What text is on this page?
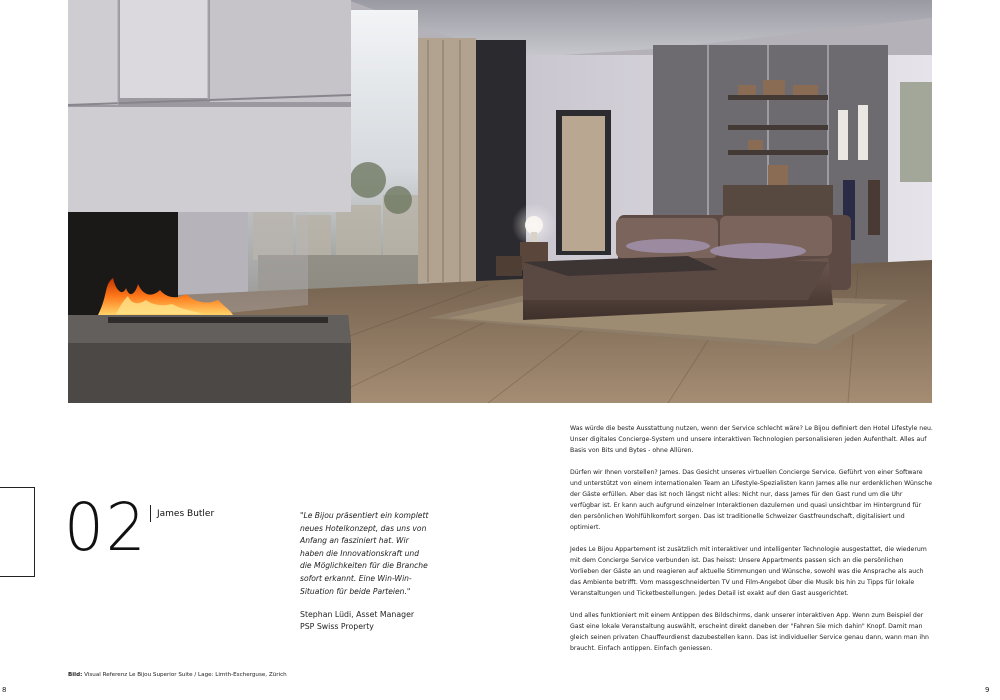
02 James Butler	"Le Bijou präsentiert ein komplett neues Hotelkonzept, das uns von Anfang an fasziniert hat. Wir haben die Innovationskraft und die Möglichkeiten für die Branche sofort erkannt. Eine Win-Win-Situation für beide Parteien."
Stephan Lüdi, Asset Manager
PSP Swiss Property
Bild: Visual Referenz Le Bijou Superior Suite / Lage: Limth-Escherguse, Zürich
8	9

Was würde die beste Ausstattung nutzen, wenn der Service schlecht wäre? Le Bijou definiert den Hotel Lifestyle neu. Unser digitales Concierge-System und unsere interaktiven Technologien personalisieren jeden Aufenthalt. Alles auf Basis von Bits und Bytes - ohne Allüren.

Dürfen wir Ihnen vorstellen? James. Das Gesicht unseres virtuellen Concierge Service. Geführt von einer Software und unterstützt von einem internationalen Team an Lifestyle-Spezialisten kann James alle nur erdenklichen Wünsche der Gäste erfüllen. Aber das ist noch längst nicht alles: Nicht nur, dass James für den Gast rund um die Uhr verfügbar ist. Er kann auch aufgrund einzelner Interaktionen dazulernen und quasi unsichtbar im Hintergrund für den persönlichen Wohlfühlkomfort sorgen. Das ist traditionelle Schweizer Gastfreundschaft, digitalisiert und optimiert.

Jedes Le Bijou Appartement ist zusätzlich mit interaktiver und intelligenter Technologie ausgestattet, die wiederum mit dem Concierge Service verbunden ist. Das heisst: Unsere Appartments passen sich an die persönlichen Vorlieben der Gäste an und reagieren auf aktuelle Stimmungen und Wünsche, sowohl was die Ansprache als auch das Ambiente betrifft. Vom massgeschneiderten TV und Film-Angebot über die Musik bis hin zu Tipps für lokale Veranstaltungen und Ticketbestellungen. Jedes Detail ist exakt auf den Gast ausgerichtet.

Und alles funktioniert mit einem Antippen des Bildschirms, dank unserer interaktiven App. Wenn zum Beispiel der Gast eine lokale Veranstaltung auswählt, erscheint direkt daneben der "Fahren Sie mich dahin" Knopf. Damit man gleich seinen privaten Chauffeurdienst dazubestellen kann. Das ist individueller Service genau dann, wann man ihn braucht. Einfach antippen. Einfach geniessen.
